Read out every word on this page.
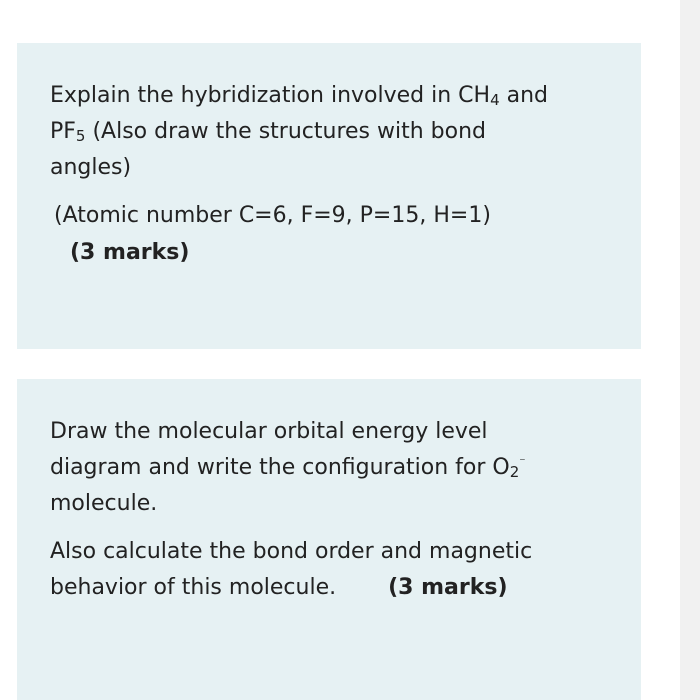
Explain the hybridization involved in $CH_4$ and

$PF_5$ (Also draw the structures with bond

angles)

(Atomic number C=6, F=9, P=15, H=1)

(3 marks)

Draw the molecular orbital energy level

diagram and write the configuration for $O_2^{^-}$

molecule.

Also calculate the bond order and magnetic

behavior of this molecule. (3 marks)
